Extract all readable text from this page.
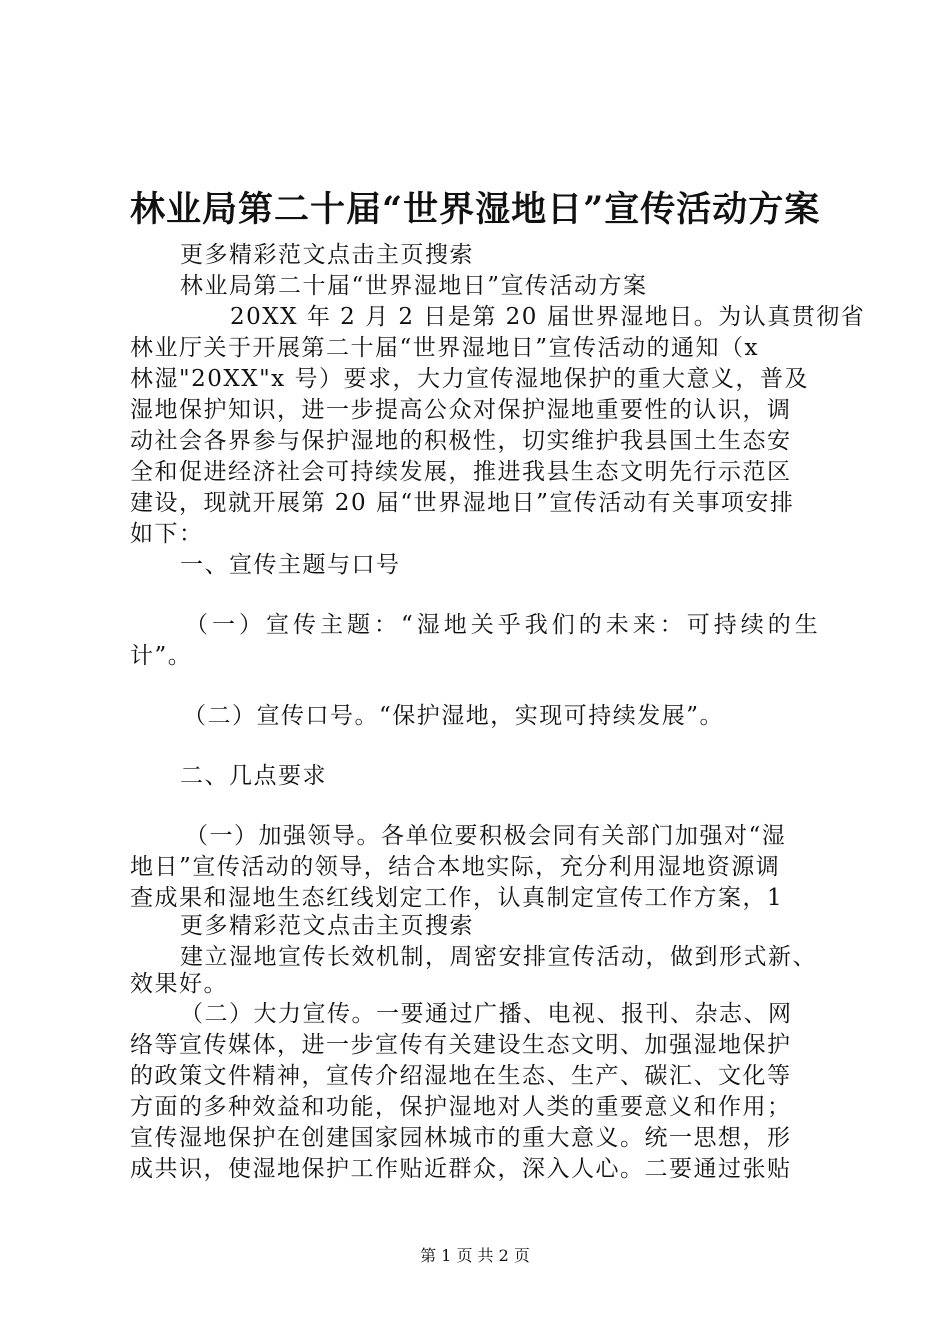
林业局第二十届“世界湿地日”宣传活动方案
更多精彩范文点击主页搜索
林业局第二十届“世界湿地日”宣传活动方案
20XX 年 2 月 2 日是第 20 届世界湿地日。为认真贯彻省
林业厅关于开展第二十届“世界湿地日”宣传活动的通知（x
林湿"20XX"x 号）要求，大力宣传湿地保护的重大意义，普及
湿地保护知识，进一步提高公众对保护湿地重要性的认识，调
动社会各界参与保护湿地的积极性，切实维护我县国土生态安
全和促进经济社会可持续发展，推进我县生态文明先行示范区
建设，现就开展第 20 届“世界湿地日”宣传活动有关事项安排
如下：
一、宣传主题与口号
（一）宣传主题：“湿地关乎我们的未来：可持续的生
计”。
（二）宣传口号。“保护湿地，实现可持续发展”。
二、几点要求
（一）加强领导。各单位要积极会同有关部门加强对“湿
地日”宣传活动的领导，结合本地实际，充分利用湿地资源调
查成果和湿地生态红线划定工作，认真制定宣传工作方案，1
更多精彩范文点击主页搜索
建立湿地宣传长效机制，周密安排宣传活动，做到形式新、
效果好。
（二）大力宣传。一要通过广播、电视、报刊、杂志、网
络等宣传媒体，进一步宣传有关建设生态文明、加强湿地保护
的政策文件精神，宣传介绍湿地在生态、生产、碳汇、文化等
方面的多种效益和功能，保护湿地对人类的重要意义和作用；
宣传湿地保护在创建国家园林城市的重大意义。统一思想，形
成共识，使湿地保护工作贴近群众，深入人心。二要通过张贴
第 1 页 共 2 页
